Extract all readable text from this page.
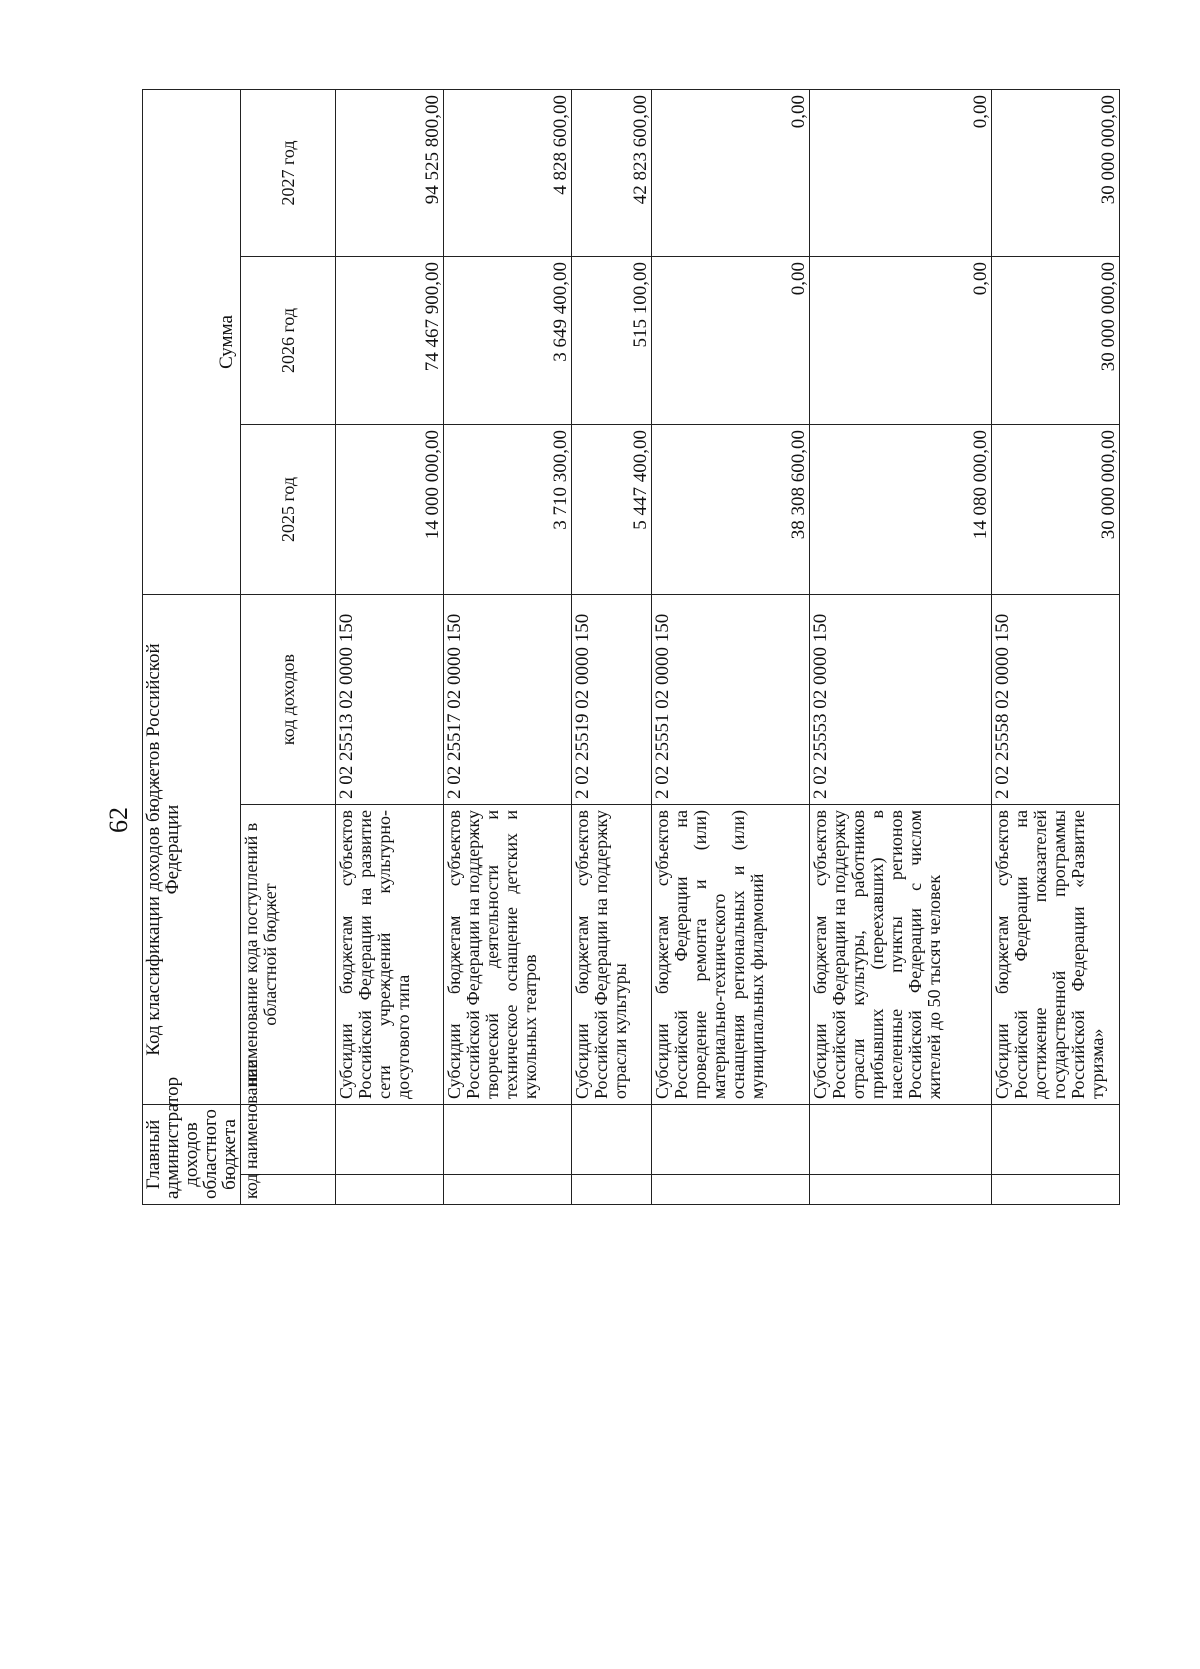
62
Главный администратор доходов областного бюджета		Код классификации доходов бюджетов Российской Федерации		Сумма		
код	наименование	наименование кода поступлений в областной бюджет	код доходов	2025 год	2026 год	2027 год
		Субсидии бюджетам субъектов Российской Федерации на развитие сети учреждений культурно-досугового типа	2 02 25513 02 0000 150	14 000 000,00	74 467 900,00	94 525 800,00
		Субсидии бюджетам субъектов Российской Федерации на поддержку творческой деятельности и техническое оснащение детских и кукольных театров	2 02 25517 02 0000 150	3 710 300,00	3 649 400,00	4 828 600,00
		Субсидии бюджетам субъектов Российской Федерации на поддержку отрасли культуры	2 02 25519 02 0000 150	5 447 400,00	515 100,00	42 823 600,00
		Субсидии бюджетам субъектов Российской Федерации на проведение ремонта и (или) материально-технического оснащения региональных и (или) муниципальных филармоний	2 02 25551 02 0000 150	38 308 600,00	0,00	0,00
		Субсидии бюджетам субъектов Российской Федерации на поддержку отрасли культуры, работников прибывших (переехавших) в населенные пункты регионов Российской Федерации с числом жителей до 50 тысяч человек	2 02 25553 02 0000 150	14 080 000,00	0,00	0,00
		Субсидии бюджетам субъектов Российской Федерации на достижение показателей государственной программы Российской Федерации «Развитие туризма»	2 02 25558 02 0000 150	30 000 000,00	30 000 000,00	30 000 000,00
